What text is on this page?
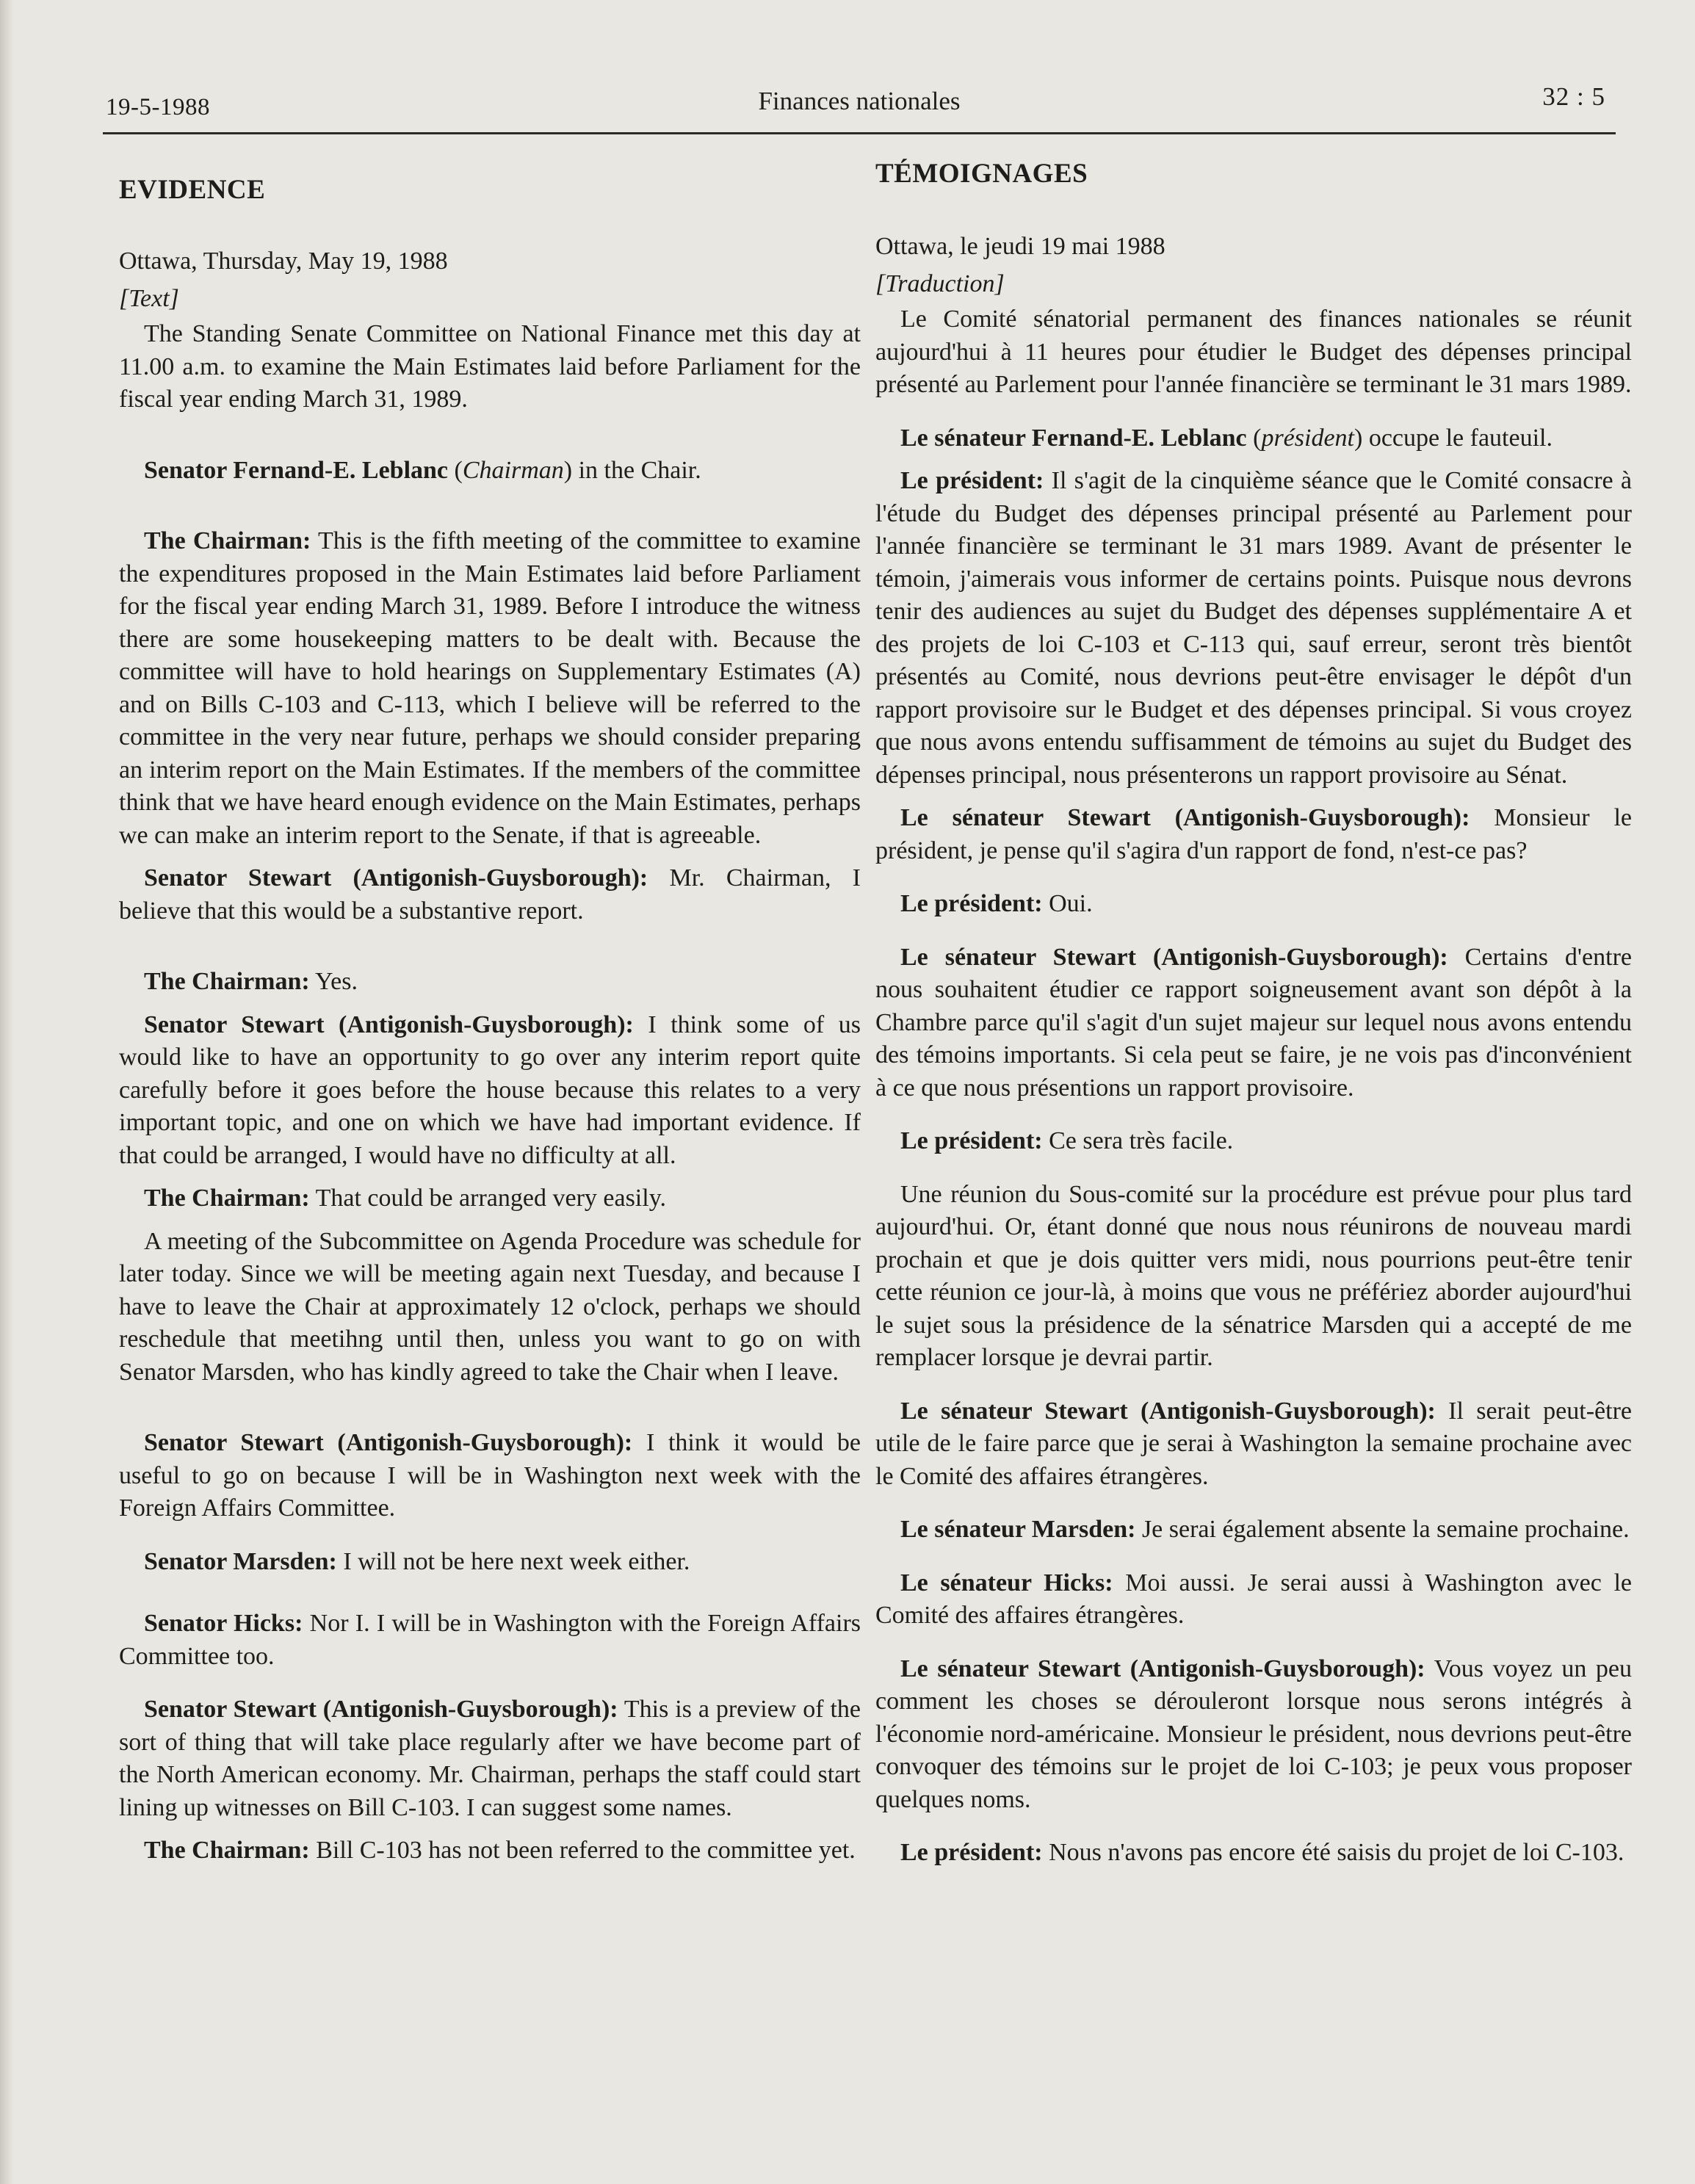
19-5-1988	Finances nationales	32 : 5
EVIDENCE

Ottawa, Thursday, May 19, 1988

[Text]

The Standing Senate Committee on National Finance met this day at 11.00 a.m. to examine the Main Estimates laid before Parliament for the fiscal year ending March 31, 1989.

Senator Fernand-E. Leblanc (Chairman) in the Chair.

The Chairman: This is the fifth meeting of the committee to examine the expenditures proposed in the Main Estimates laid before Parliament for the fiscal year ending March 31, 1989. Before I introduce the witness there are some housekeeping matters to be dealt with. Because the committee will have to hold hearings on Supplementary Estimates (A) and on Bills C-103 and C-113, which I believe will be referred to the committee in the very near future, perhaps we should consider preparing an interim report on the Main Estimates. If the members of the committee think that we have heard enough evidence on the Main Estimates, perhaps we can make an interim report to the Senate, if that is agreeable.

Senator Stewart (Antigonish-Guysborough): Mr. Chairman, I believe that this would be a substantive report.

The Chairman: Yes.

Senator Stewart (Antigonish-Guysborough): I think some of us would like to have an opportunity to go over any interim report quite carefully before it goes before the house because this relates to a very important topic, and one on which we have had important evidence. If that could be arranged, I would have no difficulty at all.

The Chairman: That could be arranged very easily.

A meeting of the Subcommittee on Agenda Procedure was schedule for later today. Since we will be meeting again next Tuesday, and because I have to leave the Chair at approximately 12 o'clock, perhaps we should reschedule that meetihng until then, unless you want to go on with Senator Marsden, who has kindly agreed to take the Chair when I leave.

Senator Stewart (Antigonish-Guysborough): I think it would be useful to go on because I will be in Washington next week with the Foreign Affairs Committee.

Senator Marsden: I will not be here next week either.

Senator Hicks: Nor I. I will be in Washington with the Foreign Affairs Committee too.

Senator Stewart (Antigonish-Guysborough): This is a preview of the sort of thing that will take place regularly after we have become part of the North American economy. Mr. Chairman, perhaps the staff could start lining up witnesses on Bill C-103. I can suggest some names.

The Chairman: Bill C-103 has not been referred to the committee yet.

TÉMOIGNAGES

Ottawa, le jeudi 19 mai 1988

[Traduction]

Le Comité sénatorial permanent des finances nationales se réunit aujourd'hui à 11 heures pour étudier le Budget des dépenses principal présenté au Parlement pour l'année financière se terminant le 31 mars 1989.

Le sénateur Fernand-E. Leblanc (président) occupe le fauteuil.

Le président: Il s'agit de la cinquième séance que le Comité consacre à l'étude du Budget des dépenses principal présenté au Parlement pour l'année financière se terminant le 31 mars 1989. Avant de présenter le témoin, j'aimerais vous informer de certains points. Puisque nous devrons tenir des audiences au sujet du Budget des dépenses supplémentaire A et des projets de loi C-103 et C-113 qui, sauf erreur, seront très bientôt présentés au Comité, nous devrions peut-être envisager le dépôt d'un rapport provisoire sur le Budget et des dépenses principal. Si vous croyez que nous avons entendu suffisamment de témoins au sujet du Budget des dépenses principal, nous présenterons un rapport provisoire au Sénat.

Le sénateur Stewart (Antigonish-Guysborough): Monsieur le président, je pense qu'il s'agira d'un rapport de fond, n'est-ce pas?

Le président: Oui.

Le sénateur Stewart (Antigonish-Guysborough): Certains d'entre nous souhaitent étudier ce rapport soigneusement avant son dépôt à la Chambre parce qu'il s'agit d'un sujet majeur sur lequel nous avons entendu des témoins importants. Si cela peut se faire, je ne vois pas d'inconvénient à ce que nous présentions un rapport provisoire.

Le président: Ce sera très facile.

Une réunion du Sous-comité sur la procédure est prévue pour plus tard aujourd'hui. Or, étant donné que nous nous réunirons de nouveau mardi prochain et que je dois quitter vers midi, nous pourrions peut-être tenir cette réunion ce jour-là, à moins que vous ne préfériez aborder aujourd'hui le sujet sous la présidence de la sénatrice Marsden qui a accepté de me remplacer lorsque je devrai partir.

Le sénateur Stewart (Antigonish-Guysborough): Il serait peut-être utile de le faire parce que je serai à Washington la semaine prochaine avec le Comité des affaires étrangères.

Le sénateur Marsden: Je serai également absente la semaine prochaine.

Le sénateur Hicks: Moi aussi. Je serai aussi à Washington avec le Comité des affaires étrangères.

Le sénateur Stewart (Antigonish-Guysborough): Vous voyez un peu comment les choses se dérouleront lorsque nous serons intégrés à l'économie nord-américaine. Monsieur le président, nous devrions peut-être convoquer des témoins sur le projet de loi C-103; je peux vous proposer quelques noms.

Le président: Nous n'avons pas encore été saisis du projet de loi C-103.
